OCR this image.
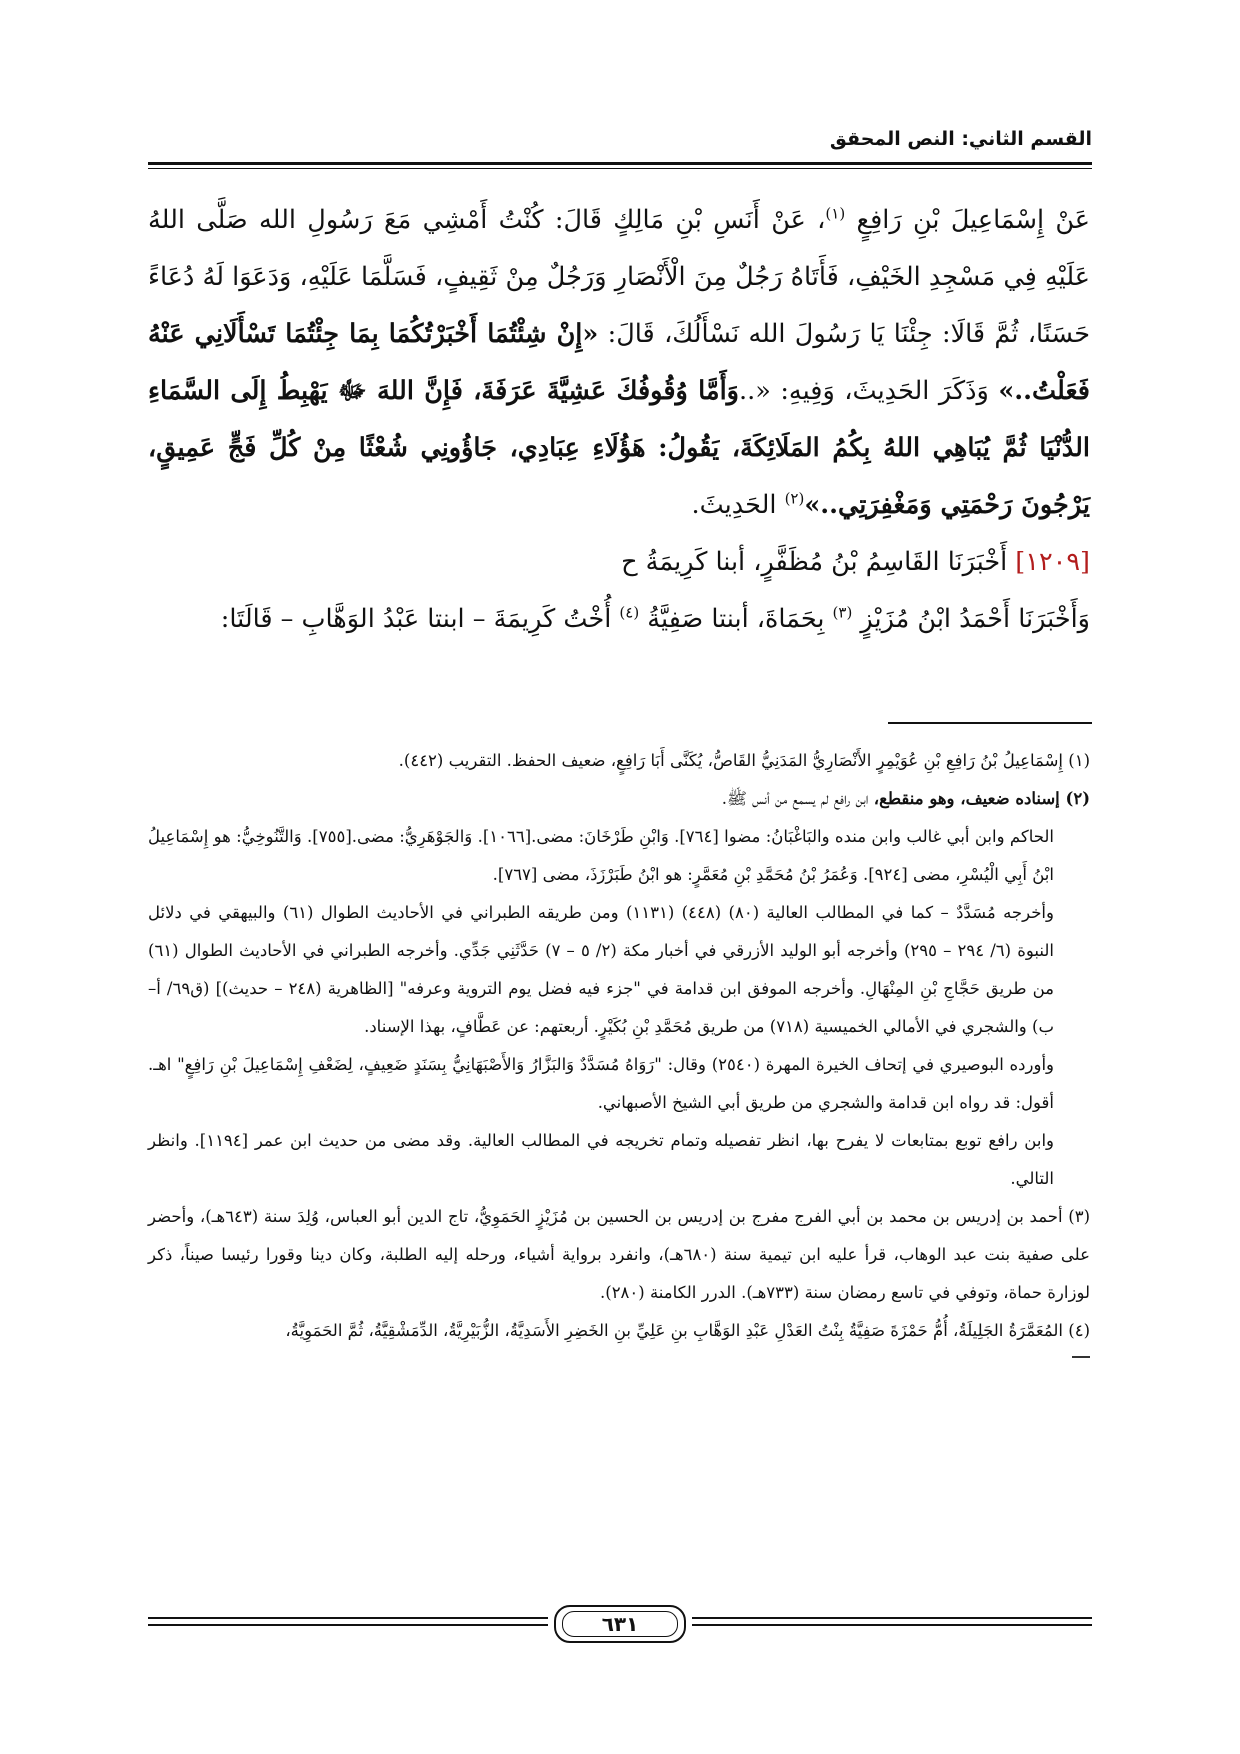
القسم الثاني: النص المحقق

عَنْ إِسْمَاعِيلَ بْنِ رَافِعٍ $^{(١)}$، عَنْ أَنَسِ بْنِ مَالِكٍ قَالَ: كُنْتُ أَمْشِي مَعَ رَسُولِ الله صَلَّى اللهُ عَلَيْهِ فِي مَسْجِدِ الخَيْفِ، فَأَتَاهُ رَجُلٌ مِنَ الْأَنْصَارِ وَرَجُلٌ مِنْ ثَقِيفٍ، فَسَلَّمَا عَلَيْهِ، وَدَعَوَا لَهُ دُعَاءً حَسَنًا، ثُمَّ قَالَا: جِئْنَا يَا رَسُولَ الله نَسْأَلُكَ، قَالَ: «إِنْ شِئْتُمَا أَخْبَرْتُكُمَا بِمَا جِئْتُمَا تَسْأَلَانِي عَنْهُ فَعَلْتُ..» وَذَكَرَ الحَدِيثَ، وَفِيهِ: «..وَأَمَّا وُقُوفُكَ عَشِيَّةَ عَرَفَةَ، فَإِنَّ اللهَ ﷻ يَهْبِطُ إِلَى السَّمَاءِ الدُّنْيَا ثُمَّ يُبَاهِي اللهُ بِكُمُ المَلَائِكَةَ، يَقُولُ: هَؤُلَاءِ عِبَادِي، جَاؤُونِي شُعْثًا مِنْ كُلِّ فَجٍّ عَمِيقٍ، يَرْجُونَ رَحْمَتِي وَمَغْفِرَتِي..»$^{(٢)}$ الحَدِيثَ.

[١٢٠٩] أَخْبَرَنَا القَاسِمُ بْنُ مُظَفَّرٍ، أبنا كَرِيمَةُ ح

وَأَخْبَرَنَا أَحْمَدُ ابْنُ مُزَيْزٍ $^{(٣)}$ بِحَمَاةَ، أبنتا صَفِيَّةُ $^{(٤)}$ أُخْتُ كَرِيمَةَ – ابنتا عَبْدُ الوَهَّابِ – قَالَتَا:

(١) إِسْمَاعِيلُ بْنُ رَافِعِ بْنِ عُوَيْمِرٍ الأَنْصَارِيُّ المَدَنِيُّ القَاصُّ، يُكَنَّى أَبَا رَافِعٍ، ضعيف الحفظ. التقريب (٤٤٢).

(٢) إسناده ضعيف، وهو منقطع، ابن رافع لم يسمع من أنس ﷺ.

الحاكم وابن أبي غالب وابن منده والبَاغْبَانُ: مضوا [٧٦٤]. وَابْنِ طَرْخَانَ: مضى.[١٠٦٦]. وَالجَوْهَرِيُّ: مضى.[٧٥٥]. وَالتَّنُوخِيُّ: هو إِسْمَاعِيلُ ابْنُ أَبِي الْيُسْرِ، مضى [٩٢٤]. وَعُمَرُ بْنُ مُحَمَّدِ بْنِ مُعَمَّرٍ: هو ابْنُ طَبَرْزَذَ، مضى [٧٦٧].

وأخرجه مُسَدَّدٌ – كما في المطالب العالية (٨٠) (٤٤٨) (١١٣١) ومن طريقه الطبراني في الأحاديث الطوال (٦١) والبيهقي في دلائل النبوة (٦/ ٢٩٤ – ٢٩٥) وأخرجه أبو الوليد الأزرقي في أخبار مكة (٢/ ٥ – ٧) حَدَّثَنِي جَدِّي. وأخرجه الطبراني في الأحاديث الطوال (٦١) من طريق حَجَّاجِ بْنِ المِنْهَالِ. وأخرجه الموفق ابن قدامة في "جزء فيه فضل يوم التروية وعرفه" [الظاهرية (٢٤٨ – حديث)] (ق٦٩/ أ–ب) والشجري في الأمالي الخميسية (٧١٨) من طريق مُحَمَّدِ بْنِ بُكَيْرٍ. أربعتهم: عن عَطَّافٍ، بهذا الإسناد.

وأورده البوصيري في إتحاف الخيرة المهرة (٢٥٤٠) وقال: "رَوَاهُ مُسَدَّدٌ وَالبَزَّارُ وَالأَصْبَهَانِيُّ بِسَنَدٍ ضَعِيفٍ، لِضَعْفِ إِسْمَاعِيلَ بْنِ رَافِعٍ" اهـ. أقول: قد رواه ابن قدامة والشجري من طريق أبي الشيخ الأصبهاني.

وابن رافع توبع بمتابعات لا يفرح بها، انظر تفصيله وتمام تخريجه في المطالب العالية. وقد مضى من حديث ابن عمر [١١٩٤]. وانظر التالي.

(٣) أحمد بن إدريس بن محمد بن أبي الفرج مفرج بن إدريس بن الحسين بن مُزَيْزٍ الحَمَوِيُّ، تاج الدين أبو العباس، وُلِدَ سنة (٦٤٣هـ)، وأحضر على صفية بنت عبد الوهاب، قرأ عليه ابن تيمية سنة (٦٨٠هـ)، وانفرد برواية أشياء، ورحله إليه الطلبة، وكان دينا وقورا رئيسا صيناً، ذكر لوزارة حماة، وتوفي في تاسع رمضان سنة (٧٣٣هـ). الدرر الكامنة (٢٨٠).

(٤) المُعَمَّرَةُ الجَلِيلَةُ، أُمُّ حَمْزَةَ صَفِيَّةُ بِنْتُ العَدْلِ عَبْدِ الوَهَّابِ بنِ عَلِيِّ بنِ الخَضِرِ الأَسَدِيَّةُ، الزُّبَيْرِيَّةُ، الدِّمَشْقِيَّةُ، ثُمَّ الحَمَوِيَّةُ،

٦٣١
